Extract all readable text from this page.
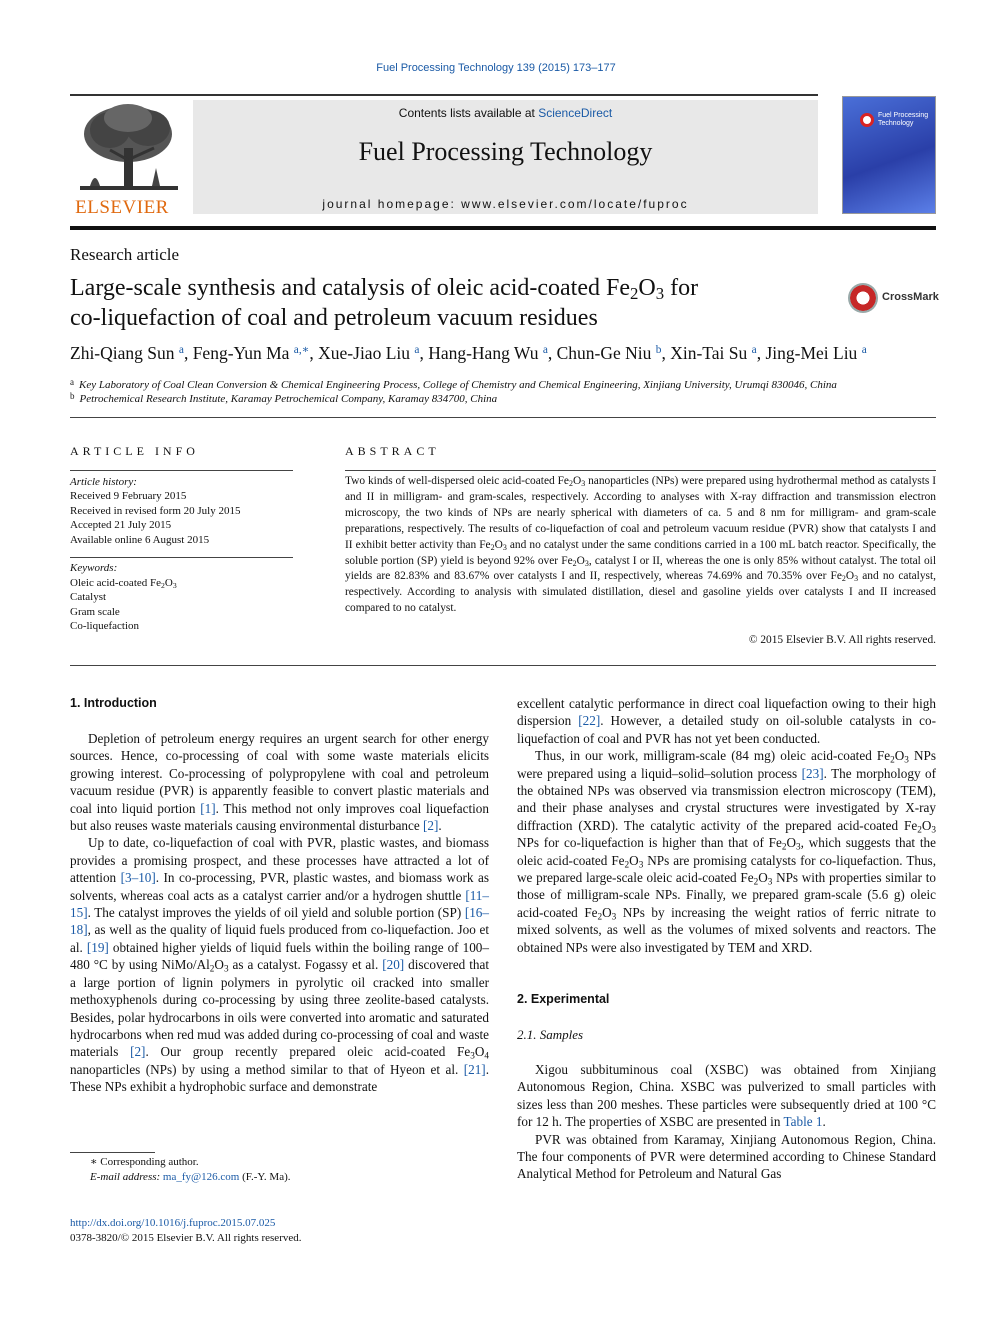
Fuel Processing Technology 139 (2015) 173–177
ELSEVIER
Contents lists available at ScienceDirect
Fuel Processing Technology
journal homepage: www.elsevier.com/locate/fuproc
Fuel Processing Technology
Research article
Large-scale synthesis and catalysis of oleic acid-coated $Fe_2O_3$ for
co-liquefaction of coal and petroleum vacuum residues
CrossMark
Zhi-Qiang Sun $^a$, Feng-Yun Ma $^{a,∗}$, Xue-Jiao Liu $^a$, Hang-Hang Wu $^a$, Chun-Ge Niu $^b$, Xin-Tai Su $^a$, Jing-Mei Liu $^a$
$^a$ Key Laboratory of Coal Clean Conversion & Chemical Engineering Process, College of Chemistry and Chemical Engineering, Xinjiang University, Urumqi 830046, China
$^b$ Petrochemical Research Institute, Karamay Petrochemical Company, Karamay 834700, China
ARTICLE INFO
Article history:
Received 9 February 2015
Received in revised form 20 July 2015
Accepted 21 July 2015
Available online 6 August 2015
Keywords:
Oleic acid-coated $Fe_2O_3$
Catalyst
Gram scale
Co-liquefaction
ABSTRACT
Two kinds of well-dispersed oleic acid-coated $Fe_2O_3$ nanoparticles (NPs) were prepared using hydrothermal method as catalysts I and II in milligram- and gram-scales, respectively. According to analyses with X-ray diffraction and transmission electron microscopy, the two kinds of NPs are nearly spherical with diameters of ca. 5 and 8 nm for milligram- and gram-scale preparations, respectively. The results of co-liquefaction of coal and petroleum vacuum residue (PVR) show that catalysts I and II exhibit better activity than $Fe_2O_3$ and no catalyst under the same conditions carried in a 100 mL batch reactor. Specifically, the soluble portion (SP) yield is beyond 92% over $Fe_2O_3$, catalyst I or II, whereas the one is only 85% without catalyst. The total oil yields are 82.83% and 83.67% over catalysts I and II, respectively, whereas 74.69% and 70.35% over $Fe_2O_3$ and no catalyst, respectively. According to analysis with simulated distillation, diesel and gasoline yields over catalysts I and II increased compared to no catalyst.
© 2015 Elsevier B.V. All rights reserved.
1. Introduction

Depletion of petroleum energy requires an urgent search for other energy sources. Hence, co-processing of coal with some waste materials elicits growing interest. Co-processing of polypropylene with coal and petroleum vacuum residue (PVR) is apparently feasible to convert plastic materials and coal into liquid portion [1]. This method not only improves coal liquefaction but also reuses waste materials causing environmental disturbance [2].

Up to date, co-liquefaction of coal with PVR, plastic wastes, and biomass provides a promising prospect, and these processes have attracted a lot of attention [3–10]. In co-processing, PVR, plastic wastes, and biomass work as solvents, whereas coal acts as a catalyst carrier and/or a hydrogen shuttle [11–15]. The catalyst improves the yields of oil yield and soluble portion (SP) [16–18], as well as the quality of liquid fuels produced from co-liquefaction. Joo et al. [19] obtained higher yields of liquid fuels within the boiling range of 100–480 °C by using NiMo/$Al_2O_3$ as a catalyst. Fogassy et al. [20] discovered that a large portion of lignin polymers in pyrolytic oil cracked into smaller methoxyphenols during co-processing by using three zeolite-based catalysts. Besides, polar hydrocarbons in oils were converted into aromatic and saturated hydrocarbons when red mud was added during co-processing of coal and waste materials [2]. Our group recently prepared oleic acid-coated $Fe_3O_4$ nanoparticles (NPs) by using a method similar to that of Hyeon et al. [21]. These NPs exhibit a hydrophobic surface and demonstrate

excellent catalytic performance in direct coal liquefaction owing to their high dispersion [22]. However, a detailed study on oil-soluble catalysts in co-liquefaction of coal and PVR has not yet been conducted.

Thus, in our work, milligram-scale (84 mg) oleic acid-coated $Fe_2O_3$ NPs were prepared using a liquid–solid–solution process [23]. The morphology of the obtained NPs was observed via transmission electron microscopy (TEM), and their phase analyses and crystal structures were investigated by X-ray diffraction (XRD). The catalytic activity of the prepared acid-coated $Fe_2O_3$ NPs for co-liquefaction is higher than that of $Fe_2O_3$, which suggests that the oleic acid-coated $Fe_2O_3$ NPs are promising catalysts for co-liquefaction. Thus, we prepared large-scale oleic acid-coated $Fe_2O_3$ NPs with properties similar to those of milligram-scale NPs. Finally, we prepared gram-scale (5.6 g) oleic acid-coated $Fe_2O_3$ NPs by increasing the weight ratios of ferric nitrate to mixed solvents, as well as the volumes of mixed solvents and reactors. The obtained NPs were also investigated by TEM and XRD.

2. Experimental
2.1. Samples

Xigou subbituminous coal (XSBC) was obtained from Xinjiang Autonomous Region, China. XSBC was pulverized to small particles with sizes less than 200 meshes. These particles were subsequently dried at 100 °C for 12 h. The properties of XSBC are presented in Table 1.

PVR was obtained from Karamay, Xinjiang Autonomous Region, China. The four components of PVR were determined according to Chinese Standard Analytical Method for Petroleum and Natural Gas

∗ Corresponding author.
E-mail address: ma_fy@126.com (F.-Y. Ma).
http://dx.doi.org/10.1016/j.fuproc.2015.07.025
0378-3820/© 2015 Elsevier B.V. All rights reserved.
